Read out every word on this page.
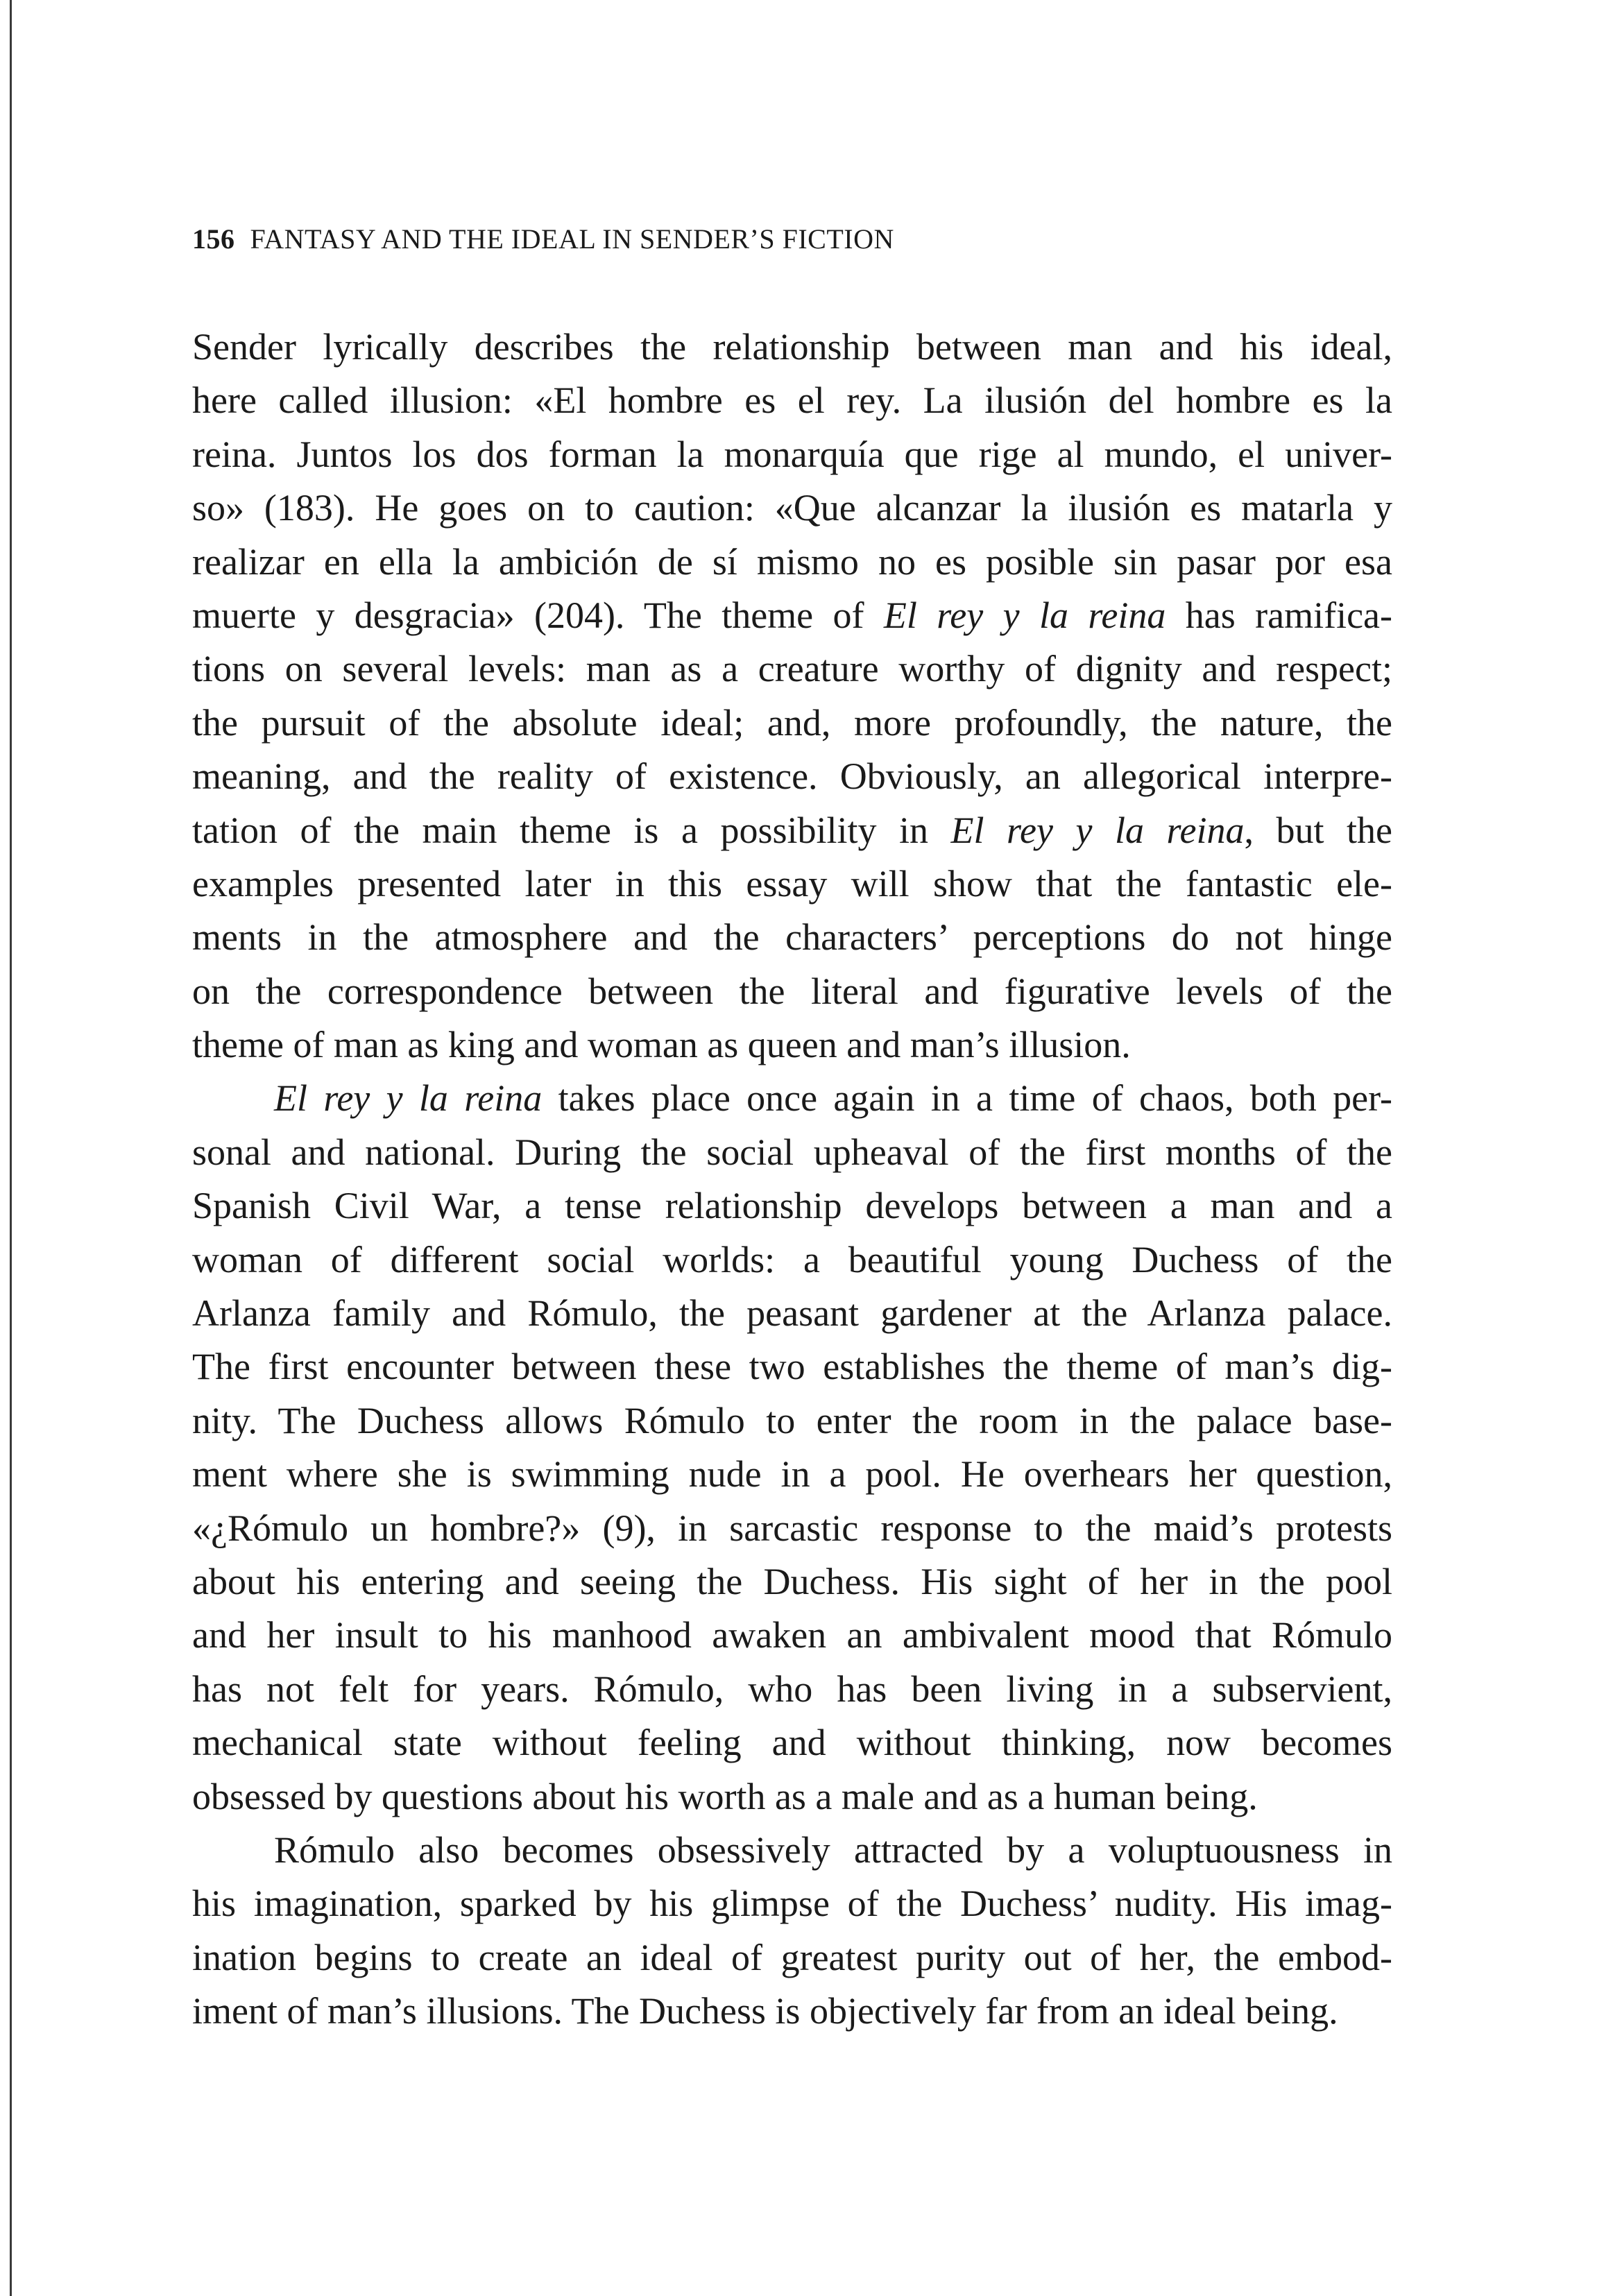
156 FANTASY AND THE IDEAL IN SENDER’S FICTION
Sender lyrically describes the relationship between man and his ideal,
here called illusion: «El hombre es el rey. La ilusión del hombre es la
reina. Juntos los dos forman la monarquía que rige al mundo, el univer-
so» (183). He goes on to caution: «Que alcanzar la ilusión es matarla y
realizar en ella la ambición de sí mismo no es posible sin pasar por esa
muerte y desgracia» (204). The theme of El rey y la reina has ramifica-
tions on several levels: man as a creature worthy of dignity and respect;
the pursuit of the absolute ideal; and, more profoundly, the nature, the
meaning, and the reality of existence. Obviously, an allegorical interpre-
tation of the main theme is a possibility in El rey y la reina, but the
examples presented later in this essay will show that the fantastic ele-
ments in the atmosphere and the characters’ perceptions do not hinge
on the correspondence between the literal and figurative levels of the
theme of man as king and woman as queen and man’s illusion.
El rey y la reina takes place once again in a time of chaos, both per-
sonal and national. During the social upheaval of the first months of the
Spanish Civil War, a tense relationship develops between a man and a
woman of different social worlds: a beautiful young Duchess of the
Arlanza family and Rómulo, the peasant gardener at the Arlanza palace.
The first encounter between these two establishes the theme of man’s dig-
nity. The Duchess allows Rómulo to enter the room in the palace base-
ment where she is swimming nude in a pool. He overhears her question,
«¿Rómulo un hombre?» (9), in sarcastic response to the maid’s protests
about his entering and seeing the Duchess. His sight of her in the pool
and her insult to his manhood awaken an ambivalent mood that Rómulo
has not felt for years. Rómulo, who has been living in a subservient,
mechanical state without feeling and without thinking, now becomes
obsessed by questions about his worth as a male and as a human being.
Rómulo also becomes obsessively attracted by a voluptuousness in
his imagination, sparked by his glimpse of the Duchess’ nudity. His imag-
ination begins to create an ideal of greatest purity out of her, the embod-
iment of man’s illusions. The Duchess is objectively far from an ideal being.
